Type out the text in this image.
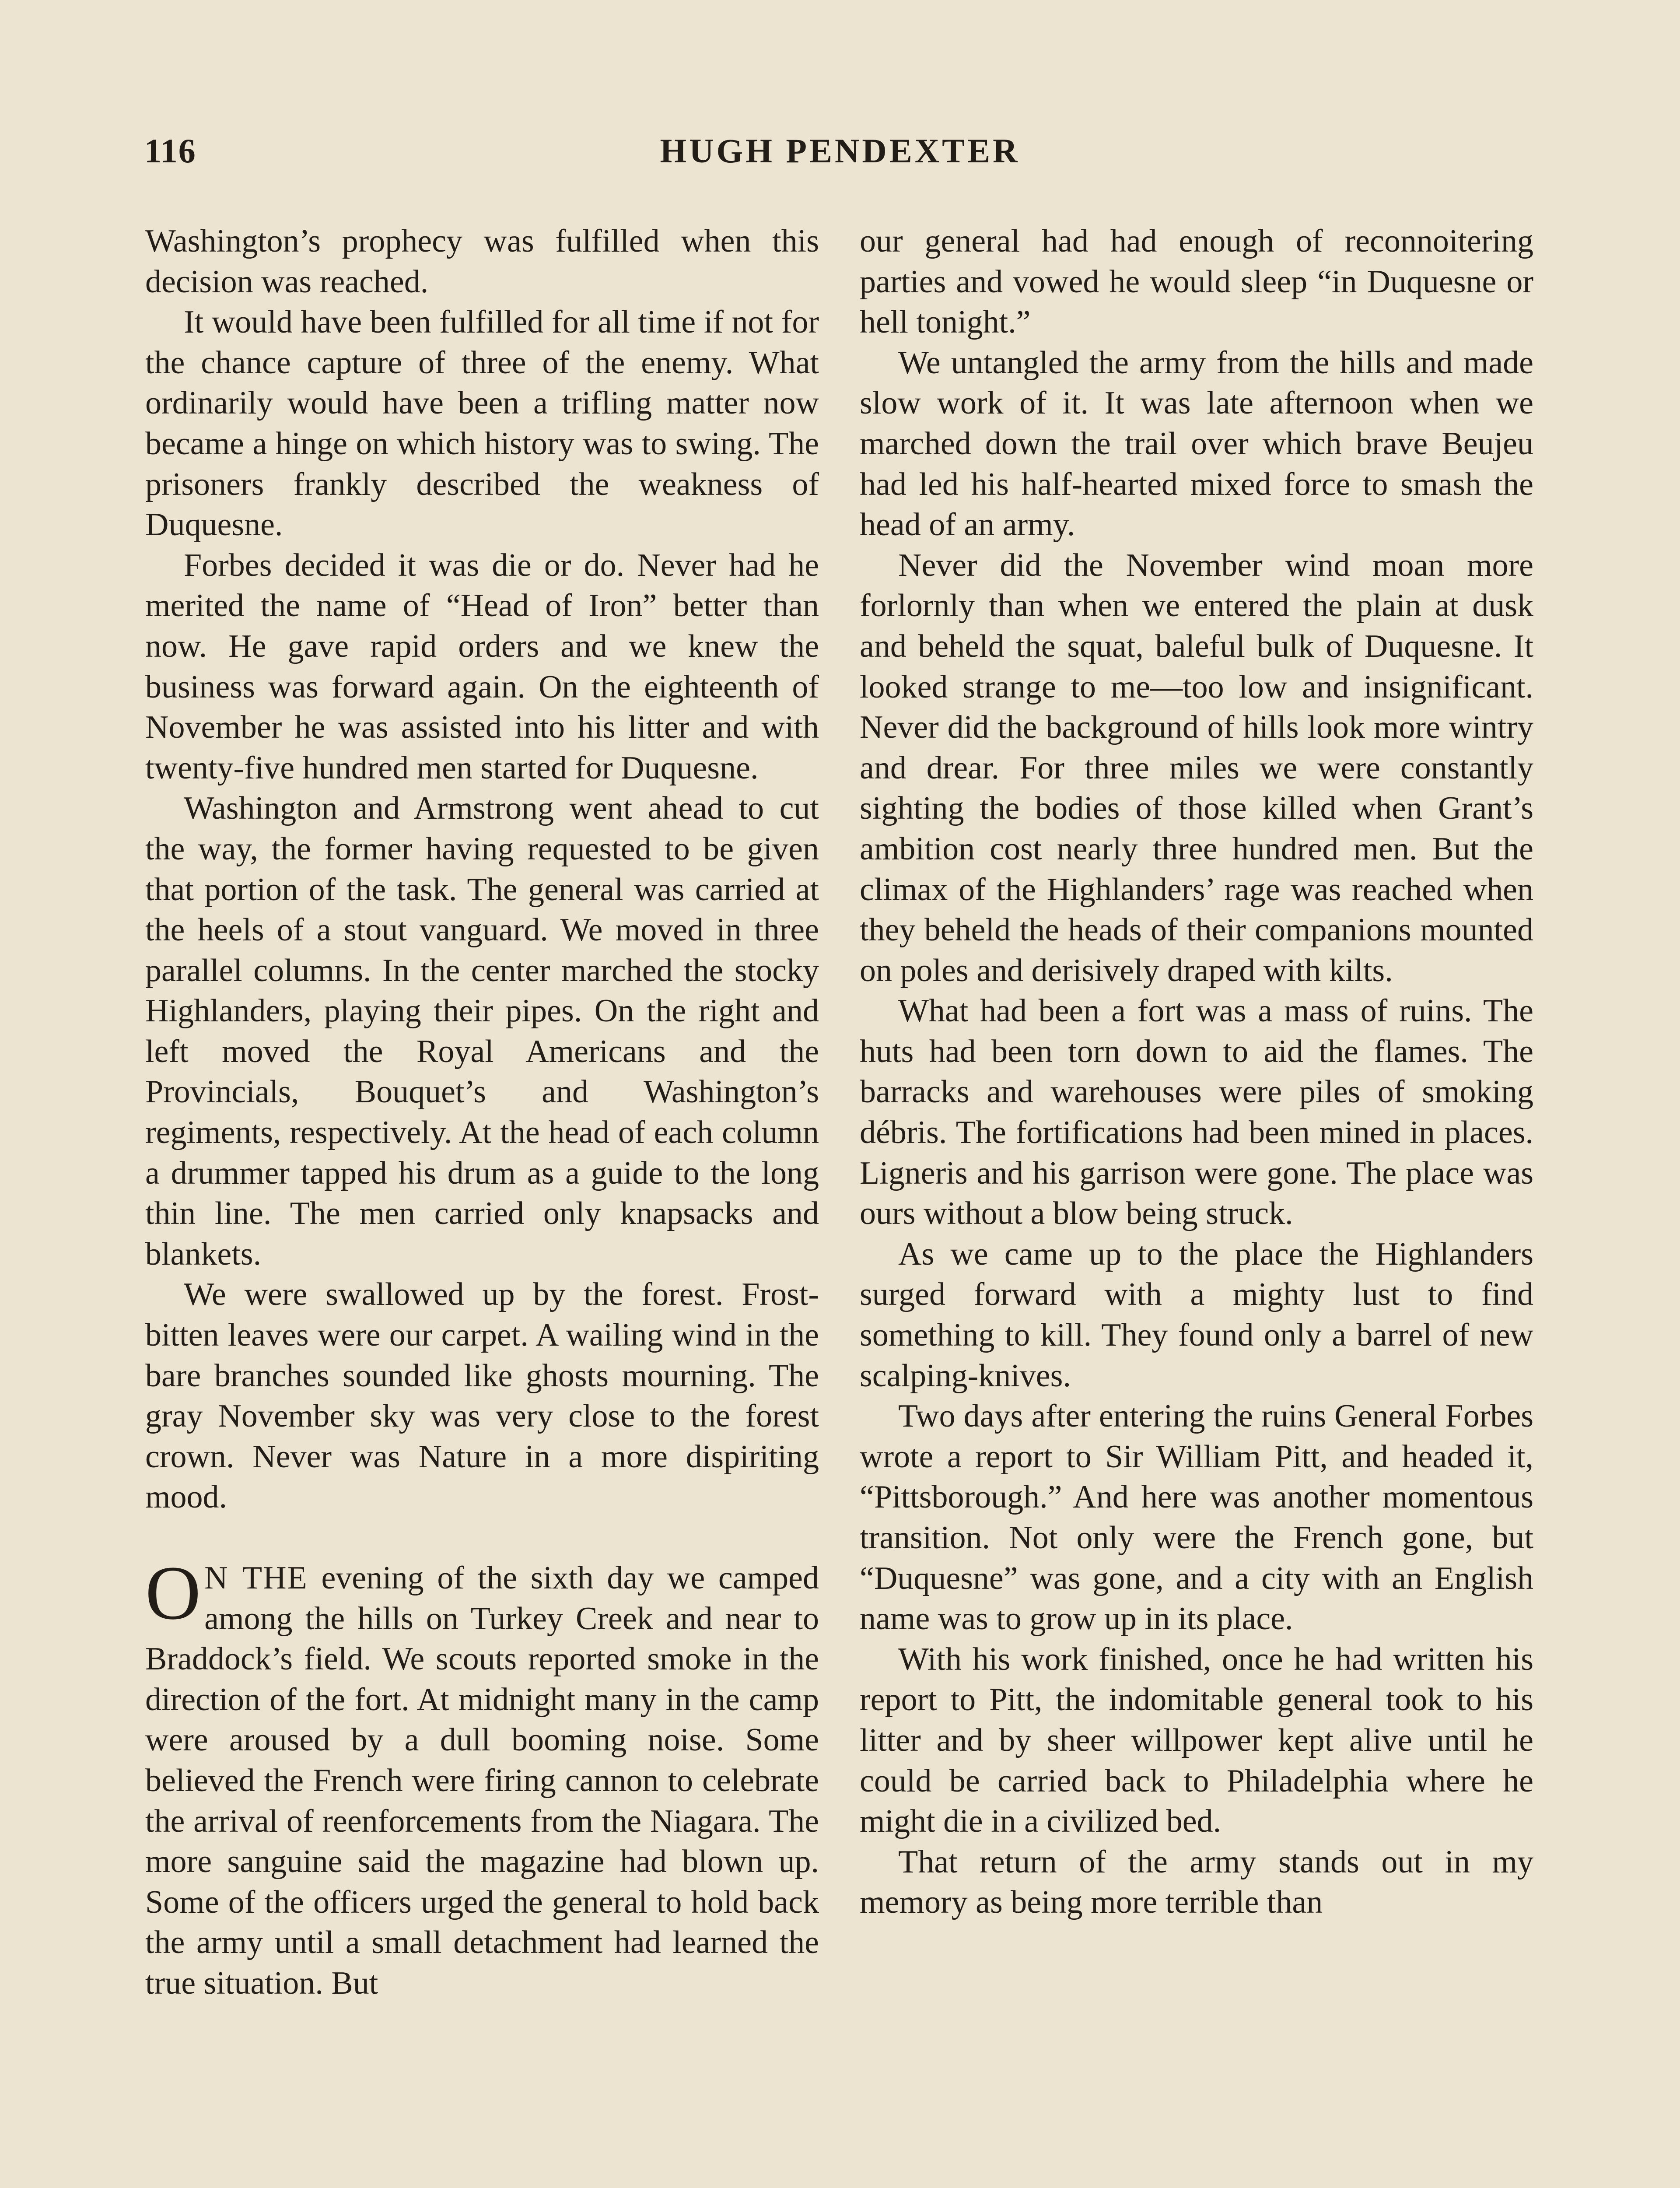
116	HUGH PENDEXTER

Washington’s prophecy was fulfilled when this decision was reached.

It would have been fulfilled for all time if not for the chance capture of three of the enemy. What ordinarily would have been a trifling matter now became a hinge on which history was to swing. The prisoners frankly described the weakness of Duquesne.

Forbes decided it was die or do. Never had he merited the name of “Head of Iron” better than now. He gave rapid orders and we knew the business was forward again. On the eighteenth of November he was assisted into his litter and with twenty-five hundred men started for Duquesne.

Washington and Armstrong went ahead to cut the way, the former having requested to be given that portion of the task. The general was carried at the heels of a stout vanguard. We moved in three parallel columns. In the center marched the stocky Highlanders, playing their pipes. On the right and left moved the Royal Americans and the Provincials, Bouquet’s and Washington’s regiments, respectively. At the head of each column a drummer tapped his drum as a guide to the long thin line. The men carried only knapsacks and blankets.

We were swallowed up by the forest. Frost-bitten leaves were our carpet. A wailing wind in the bare branches sounded like ghosts mourning. The gray November sky was very close to the forest crown. Never was Nature in a more dispiriting mood.

O N THE evening of the sixth day we camped among the hills on Turkey Creek and near to Braddock’s field. We scouts reported smoke in the direction of the fort. At midnight many in the camp were aroused by a dull booming noise. Some believed the French were firing cannon to celebrate the arrival of reenforcements from the Niagara. The more sanguine said the magazine had blown up. Some of the officers urged the general to hold back the army until a small detachment had learned the true situation. But

our general had had enough of reconnoitering parties and vowed he would sleep “in Duquesne or hell tonight.”

We untangled the army from the hills and made slow work of it. It was late afternoon when we marched down the trail over which brave Beujeu had led his half-hearted mixed force to smash the head of an army.

Never did the November wind moan more forlornly than when we entered the plain at dusk and beheld the squat, baleful bulk of Duquesne. It looked strange to me—too low and insignificant. Never did the background of hills look more wintry and drear. For three miles we were constantly sighting the bodies of those killed when Grant’s ambition cost nearly three hundred men. But the climax of the Highlanders’ rage was reached when they beheld the heads of their companions mounted on poles and derisively draped with kilts.

What had been a fort was a mass of ruins. The huts had been torn down to aid the flames. The barracks and warehouses were piles of smoking débris. The fortifications had been mined in places. Ligneris and his garrison were gone. The place was ours without a blow being struck.

As we came up to the place the Highlanders surged forward with a mighty lust to find something to kill. They found only a barrel of new scalping-knives.

Two days after entering the ruins General Forbes wrote a report to Sir William Pitt, and headed it, “Pittsborough.” And here was another momentous transition. Not only were the French gone, but “Duquesne” was gone, and a city with an English name was to grow up in its place.

With his work finished, once he had written his report to Pitt, the indomitable general took to his litter and by sheer willpower kept alive until he could be carried back to Philadelphia where he might die in a civilized bed.

That return of the army stands out in my memory as being more terrible than
